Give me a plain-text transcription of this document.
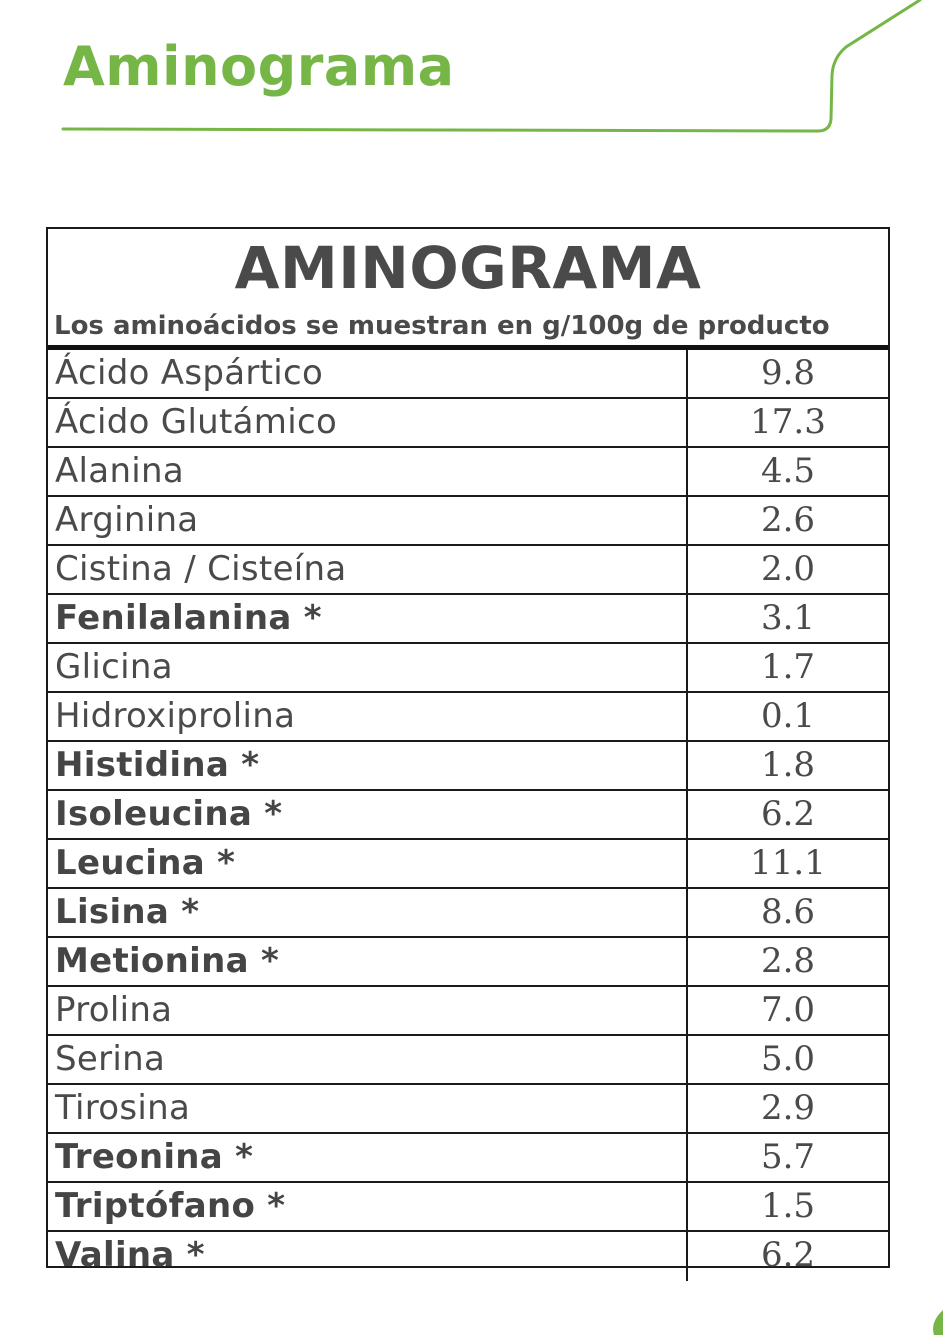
Aminograma
AMINOGRAMA
Los aminoácidos se muestran en g/100g de producto
Ácido Aspártico	9.8
Ácido Glutámico	17.3
Alanina	4.5
Arginina	2.6
Cistina / Cisteína	2.0
Fenilalanina *	3.1
Glicina	1.7
Hidroxiprolina	0.1
Histidina *	1.8
Isoleucina *	6.2
Leucina *	11.1
Lisina *	8.6
Metionina *	2.8
Prolina	7.0
Serina	5.0
Tirosina	2.9
Treonina *	5.7
Triptófano *	1.5
Valina *	6.2
